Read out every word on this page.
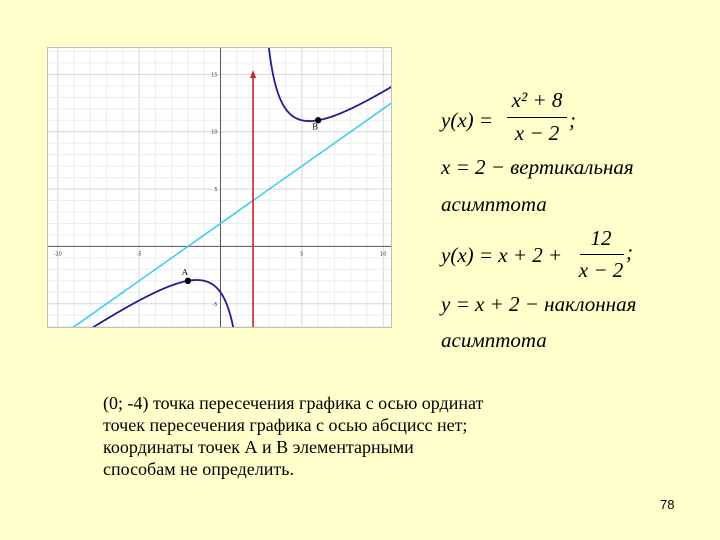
-10	-5	5	10
15
10
5
-5
B
A
y(x) =
x² + 8
x − 2
;
x = 2 − вертикальная
асимптота
y(x) = x + 2 +
12
x − 2
;
y = x + 2 − наклонная
асимптота
(0; -4) точка пересечения графика с осью ординат
точек пересечения графика с осью абсцисс нет;
координаты точек А и В элементарными
способам не определить.
78
